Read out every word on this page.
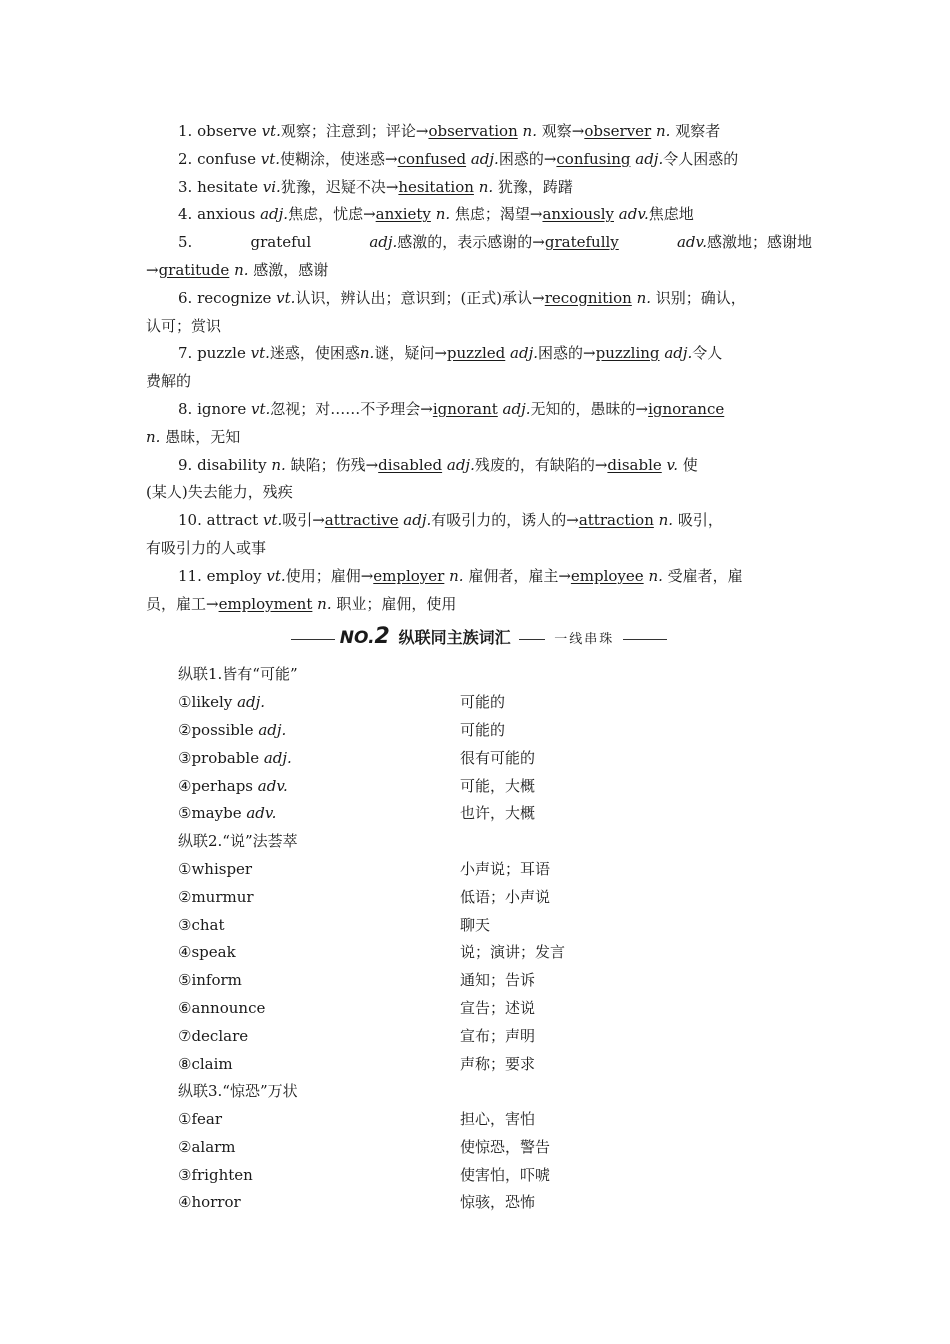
1. observe vt.观察；注意到；评论→observation n. 观察→observer n. 观察者
2. confuse vt.使糊涂，使迷惑→confused adj.困惑的→confusing adj.令人困惑的
3. hesitate vi.犹豫，迟疑不决→hesitation n. 犹豫，踌躇
4. anxious adj.焦虑，忧虑→anxiety n. 焦虑；渴望→anxiously adv.焦虑地
5.	grateful	adj.感激的，表示感谢的→gratefully	adv.感激地；感谢地
→gratitude n. 感激，感谢
6. recognize vt.认识，辨认出；意识到；(正式)承认→recognition n. 识别；确认，
认可；赏识
7. puzzle vt.迷惑，使困惑n.谜，疑问→puzzled adj.困惑的→puzzling adj.令人
费解的
8. ignore vt.忽视；对……不予理会→ignorant adj.无知的，愚昧的→ignorance
n. 愚昧，无知
9. disability n. 缺陷；伤残→disabled adj.残废的，有缺陷的→disable v. 使
(某人)失去能力，残疾
10. attract vt.吸引→attractive adj.有吸引力的，诱人的→attraction n. 吸引，
有吸引力的人或事
11. employ vt.使用；雇佣→employer n. 雇佣者，雇主→employee n. 受雇者，雇
员，雇工→employment n. 职业；雇佣，使用
NO.2 纵联同主族词汇	一线串珠
纵联1.皆有“可能”
①likely adj.	可能的
②possible adj.	可能的
③probable adj.	很有可能的
④perhaps adv.	可能，大概
⑤maybe adv.	也许，大概
纵联2.“说”法荟萃
①whisper	小声说；耳语
②murmur	低语；小声说
③chat	聊天
④speak	说；演讲；发言
⑤inform	通知；告诉
⑥announce	宣告；述说
⑦declare	宣布；声明
⑧claim	声称；要求
纵联3.“惊恐”万状
①fear	担心，害怕
②alarm	使惊恐，警告
③frighten	使害怕，吓唬
④horror	惊骇，恐怖
